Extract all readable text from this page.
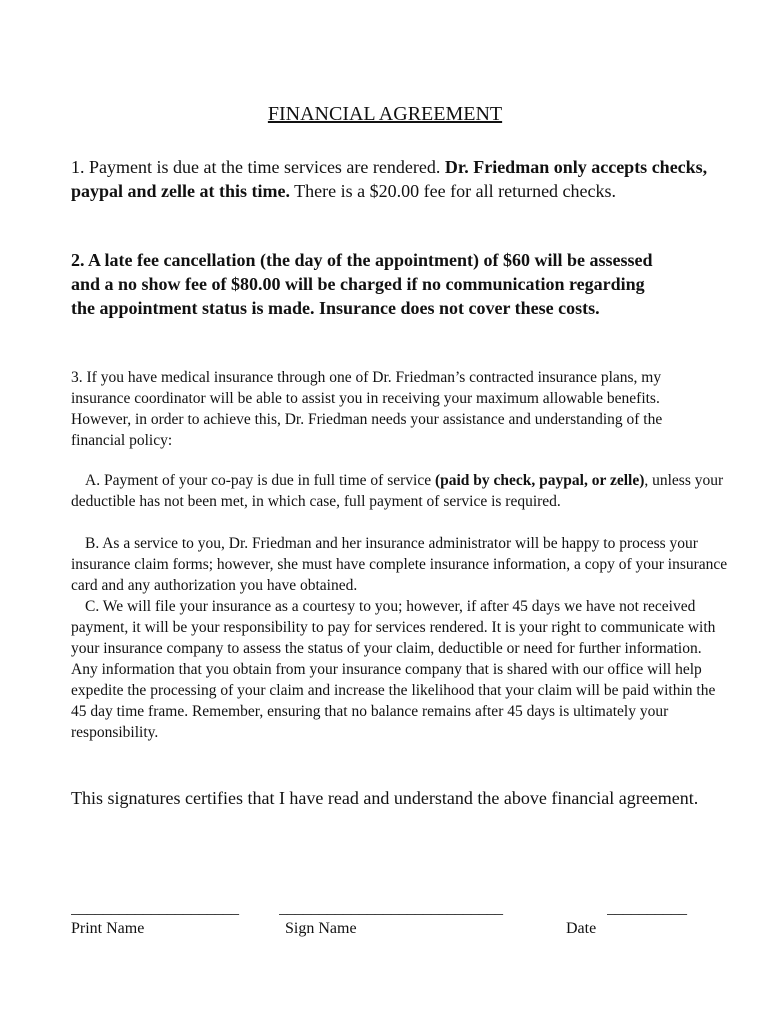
FINANCIAL AGREEMENT

1. Payment is due at the time services are rendered. Dr. Friedman only accepts checks, paypal and zelle at this time. There is a $20.00 fee for all returned checks.

2. A late fee cancellation (the day of the appointment) of $60 will be assessed and a no show fee of $80.00 will be charged if no communication regarding the appointment status is made. Insurance does not cover these costs.

3. If you have medical insurance through one of Dr. Friedman’s contracted insurance plans, my insurance coordinator will be able to assist you in receiving your maximum allowable benefits. However, in order to achieve this, Dr. Friedman needs your assistance and understanding of the financial policy:

A. Payment of your co-pay is due in full time of service (paid by check, paypal, or zelle), unless your deductible has not been met, in which case, full payment of service is required.

B. As a service to you, Dr. Friedman and her insurance administrator will be happy to process your insurance claim forms; however, she must have complete insurance information, a copy of your insurance card and any authorization you have obtained.

C. We will file your insurance as a courtesy to you; however, if after 45 days we have not received payment, it will be your responsibility to pay for services rendered. It is your right to communicate with your insurance company to assess the status of your claim, deductible or need for further information. Any information that you obtain from your insurance company that is shared with our office will help expedite the processing of your claim and increase the likelihood that your claim will be paid within the 45 day time frame. Remember, ensuring that no balance remains after 45 days is ultimately your responsibility.

This signatures certifies that I have read and understand the above financial agreement.

_____________________	____________________________	__________
Print Name	Sign Name	Date
